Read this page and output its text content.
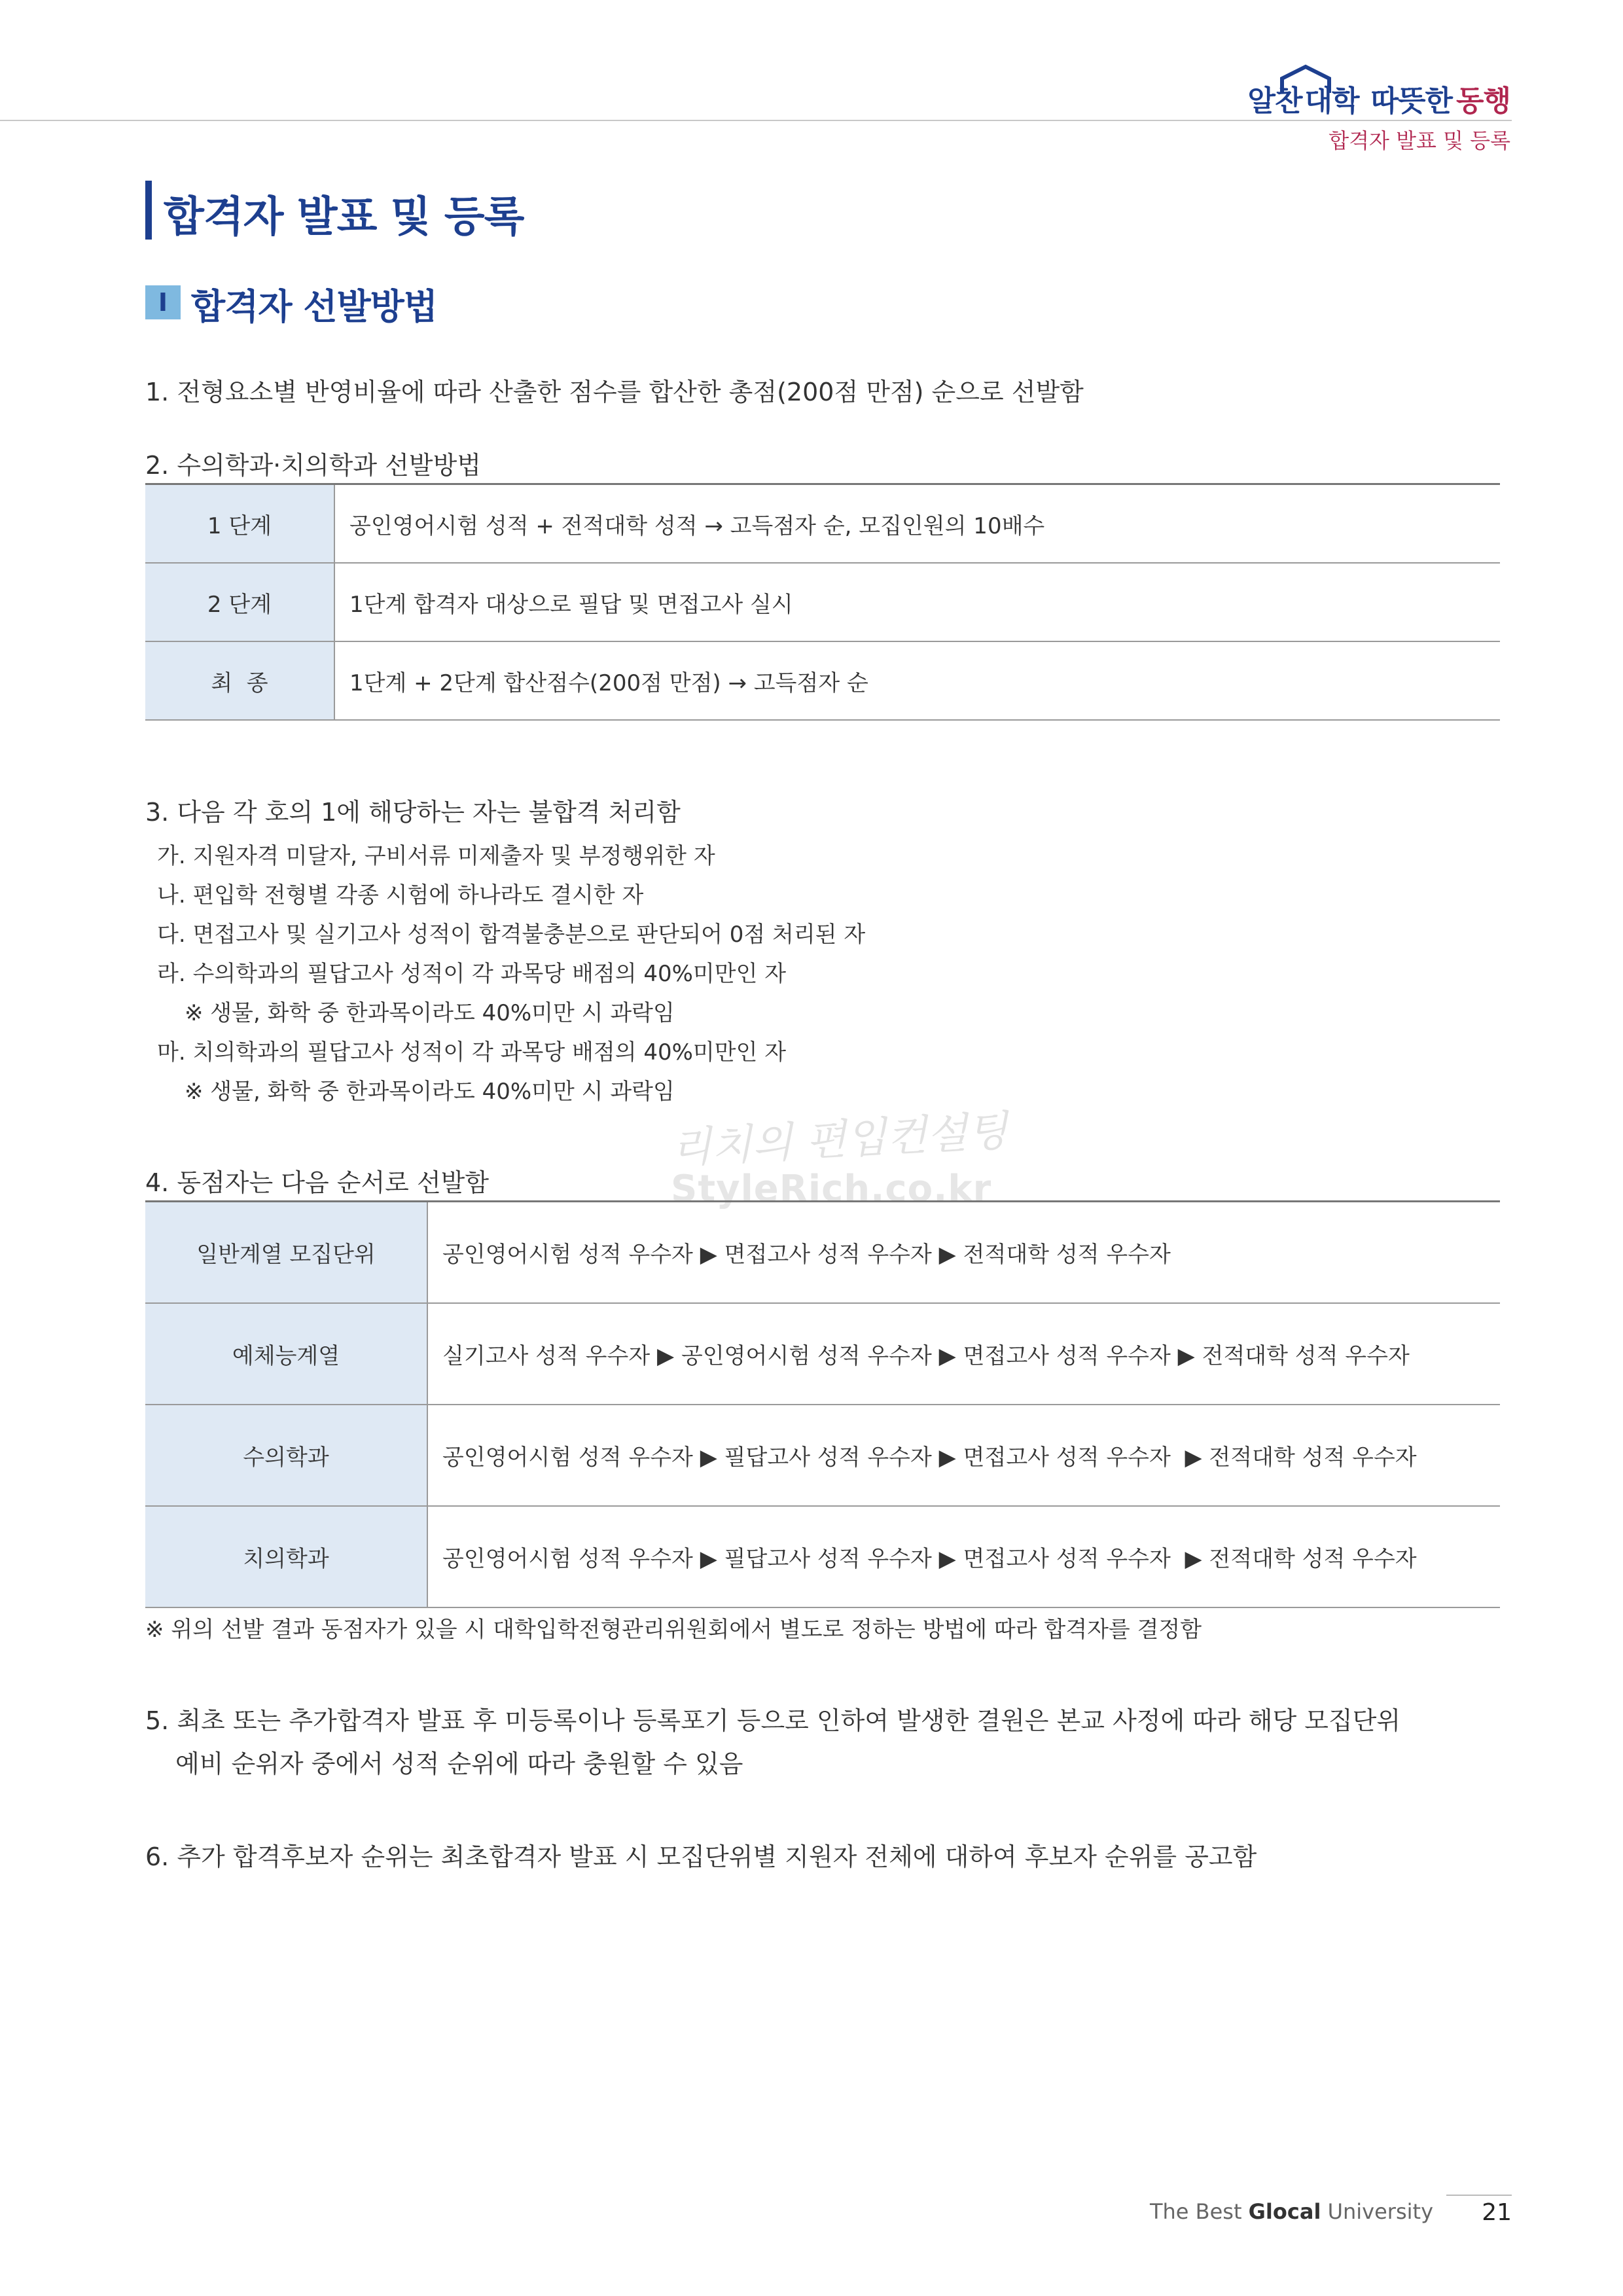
알찬 대학 따뜻한 동행
합격자 발표 및 등록
합격자 발표 및 등록
I 합격자 선발방법
1. 전형요소별 반영비율에 따라 산출한 점수를 합산한 총점(200점 만점) 순으로 선발함
2. 수의학과·치의학과 선발방법
1 단계	공인영어시험 성적 + 전적대학 성적 → 고득점자 순, 모집인원의 10배수
2 단계	1단계 합격자 대상으로 필답 및 면접고사 실시
최  종	1단계 + 2단계 합산점수(200점 만점) → 고득점자 순
3. 다음 각 호의 1에 해당하는 자는 불합격 처리함
가. 지원자격 미달자, 구비서류 미제출자 및 부정행위한 자
나. 편입학 전형별 각종 시험에 하나라도 결시한 자
다. 면접고사 및 실기고사 성적이 합격불충분으로 판단되어 0점 처리된 자
라. 수의학과의 필답고사 성적이 각 과목당 배점의 40%미만인 자
※ 생물, 화학 중 한과목이라도 40%미만 시 과락임
마. 치의학과의 필답고사 성적이 각 과목당 배점의 40%미만인 자
※ 생물, 화학 중 한과목이라도 40%미만 시 과락임
리치의 편입컨설팅
StyleRich.co.kr
4. 동점자는 다음 순서로 선발함
일반계열 모집단위	공인영어시험 성적 우수자 ▶ 면접고사 성적 우수자 ▶ 전적대학 성적 우수자
예체능계열	실기고사 성적 우수자 ▶ 공인영어시험 성적 우수자 ▶ 면접고사 성적 우수자 ▶ 전적대학 성적 우수자
수의학과	공인영어시험 성적 우수자 ▶ 필답고사 성적 우수자 ▶ 면접고사 성적 우수자  ▶ 전적대학 성적 우수자
치의학과	공인영어시험 성적 우수자 ▶ 필답고사 성적 우수자 ▶ 면접고사 성적 우수자  ▶ 전적대학 성적 우수자
※ 위의 선발 결과 동점자가 있을 시 대학입학전형관리위원회에서 별도로 정하는 방법에 따라 합격자를 결정함
5. 최초 또는 추가합격자 발표 후 미등록이나 등록포기 등으로 인하여 발생한 결원은 본교 사정에 따라 해당 모집단위
예비 순위자 중에서 성적 순위에 따라 충원할 수 있음
6. 추가 합격후보자 순위는 최초합격자 발표 시 모집단위별 지원자 전체에 대하여 후보자 순위를 공고함
The Best Glocal University	21
